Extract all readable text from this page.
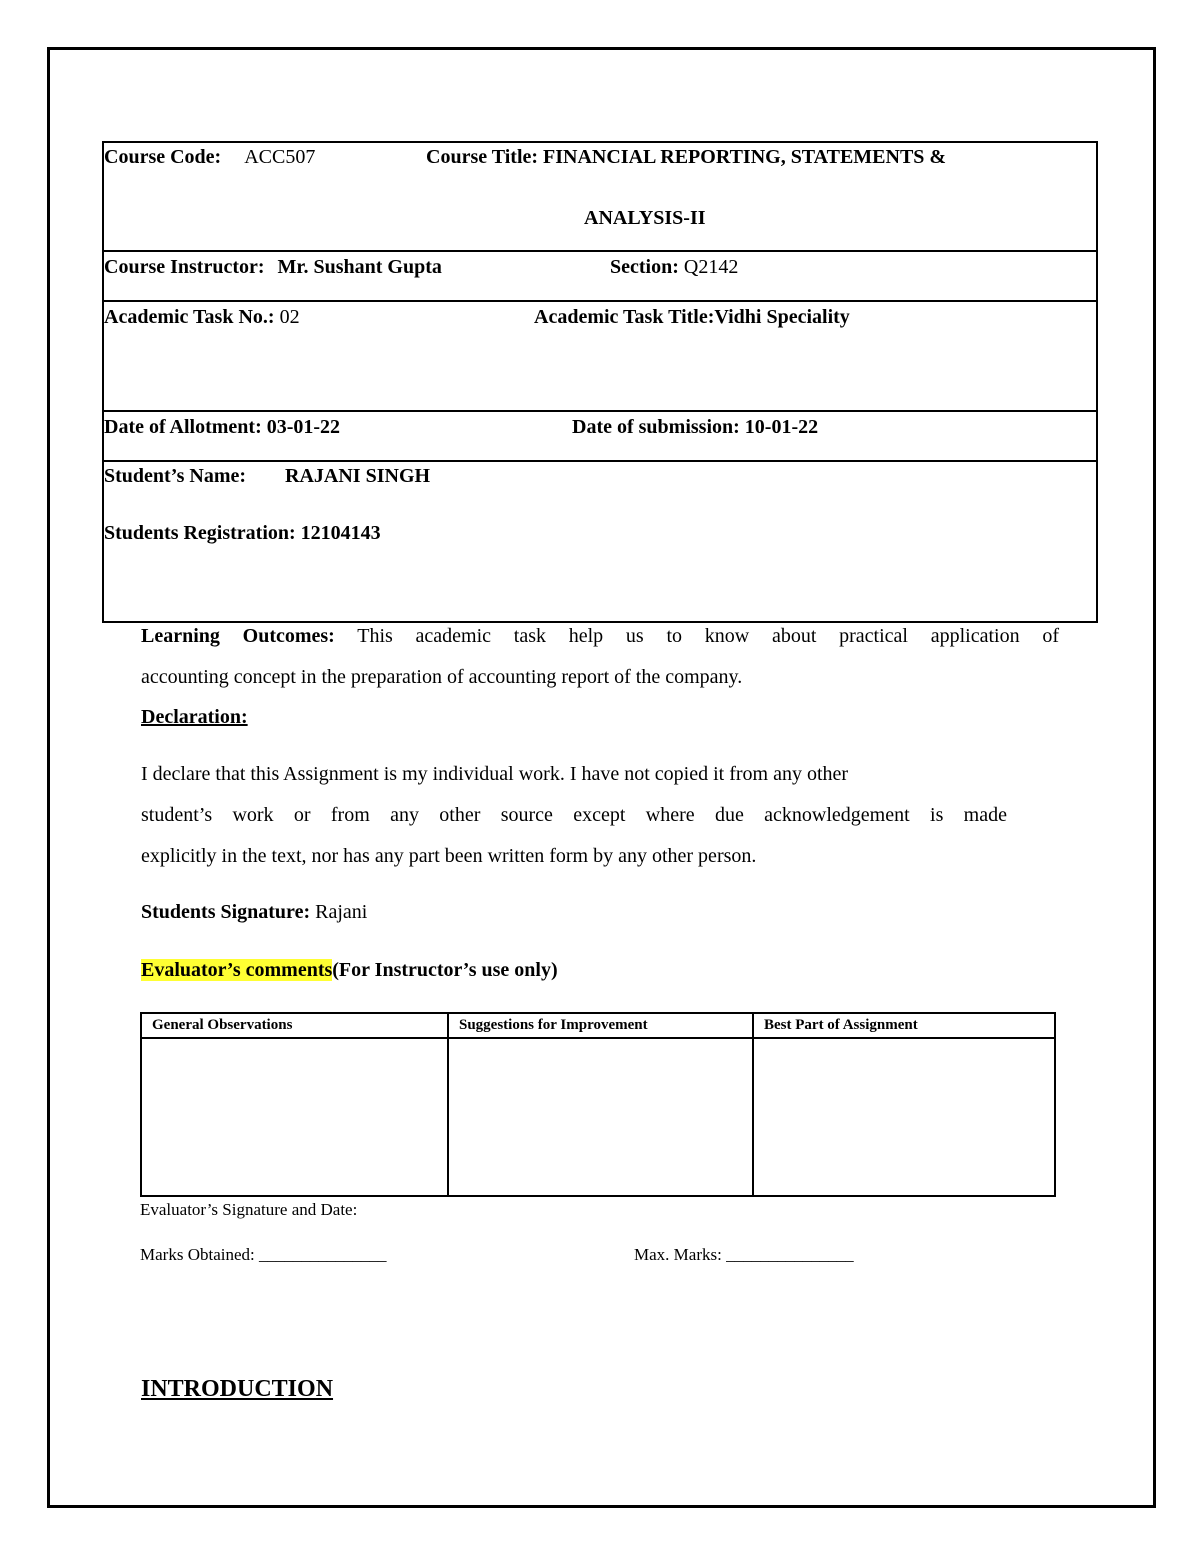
Course Code: ACC507	Course Title: FINANCIAL REPORTING, STATEMENTS &
ANALYSIS-II
Course Instructor: Mr. Sushant Gupta	Section: Q2142
Academic Task No.: 02	Academic Task Title:Vidhi Speciality
Date of Allotment: 03-01-22	Date of submission: 10-01-22
Student’s Name: RAJANI SINGH
Students Registration: 12104143
Learning Outcomes: This academic task help us to know about practical application of
accounting concept in the preparation of accounting report of the company.
Declaration:
I declare that this Assignment is my individual work. I have not copied it from any other
student’s work or from any other source except where due acknowledgement is made
explicitly in the text, nor has any part been written form by any other person.
Students Signature: Rajani
Evaluator’s comments(For Instructor’s use only)
General Observations	Suggestions for Improvement	Best Part of Assignment
Evaluator’s Signature and Date:
Marks Obtained: _______________	Max. Marks: _______________
INTRODUCTION
